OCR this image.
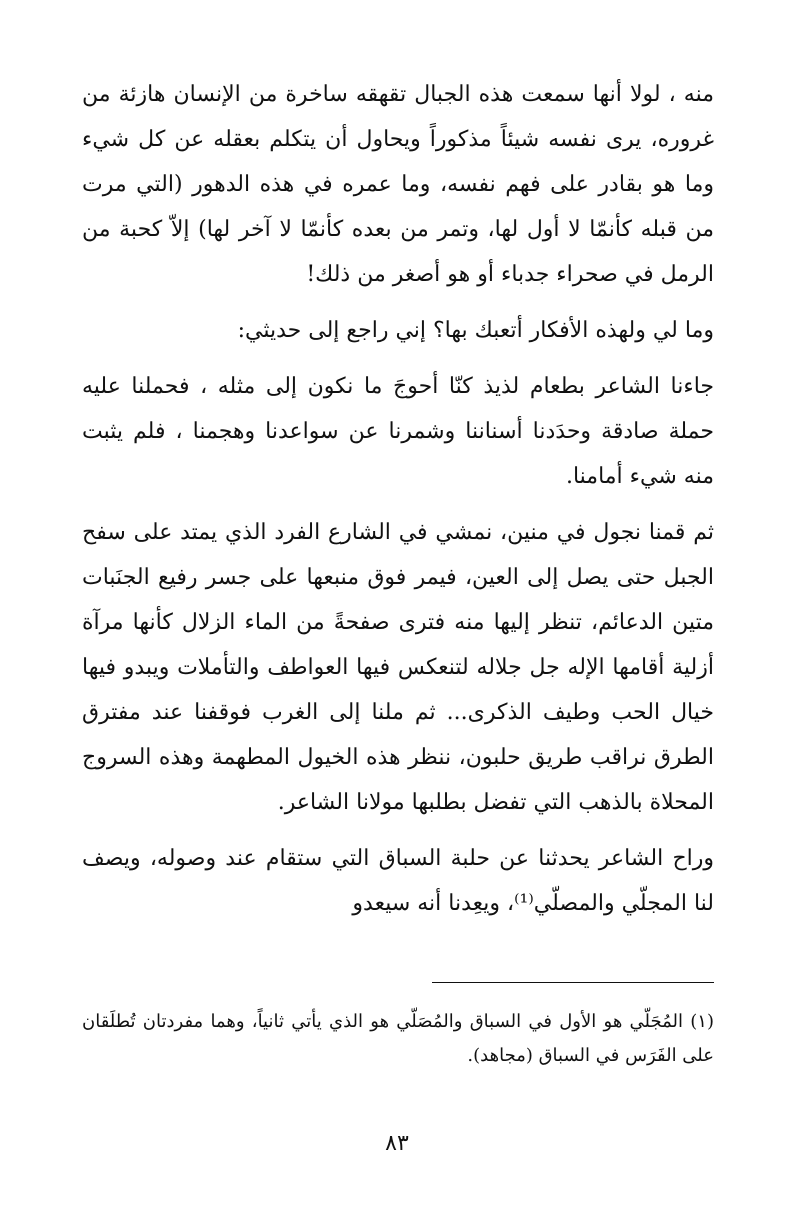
منه ، لولا أنها سمعت هذه الجبال تقهقه ساخرة من الإنسان هازئة من غروره، يرى نفسه شيئاً مذكوراً ويحاول أن يتكلم بعقله عن كل شيء وما هو بقادر على فهم نفسه، وما عمره في هذه الدهور (التي مرت من قبله كأنمّا لا أول لها، وتمر من بعده كأنمّا لا آخر لها) إلاّ كحبة من الرمل في صحراء جدباء أو هو أصغر من ذلك!

وما لي ولهذه الأفكار أتعبك بها؟ إني راجع إلى حديثي:

جاءنا الشاعر بطعام لذيذ كنّا أحوجَ ما نكون إلى مثله ، فحملنا عليه حملة صادقة وحدَدنا أسناننا وشمرنا عن سواعدنا وهجمنا ، فلم يثبت منه شيء أمامنا.

ثم قمنا نجول في منين، نمشي في الشارع الفرد الذي يمتد على سفح الجبل حتى يصل إلى العين، فيمر فوق منبعها على جسر رفيع الجنَبات متين الدعائم، تنظر إليها منه فترى صفحةً من الماء الزلال كأنها مرآة أزلية أقامها الإله جل جلاله لتنعكس فيها العواطف والتأملات ويبدو فيها خيال الحب وطيف الذكرى... ثم ملنا إلى الغرب فوقفنا عند مفترق الطرق نراقب طريق حلبون، ننظر هذه الخيول المطهمة وهذه السروج المحلاة بالذهب التي تفضل بطلبها مولانا الشاعر.

وراح الشاعر يحدثنا عن حلبة السباق التي ستقام عند وصوله، ويصف لنا المجلّي والمصلّي⁽¹⁾، ويعِدنا أنه سيعدو

(١) المُجَلّي هو الأول في السباق والمُصَلّي هو الذي يأتي ثانياً، وهما مفردتان تُطلَقان على الفَرَس في السباق (مجاهد).

٨٣
